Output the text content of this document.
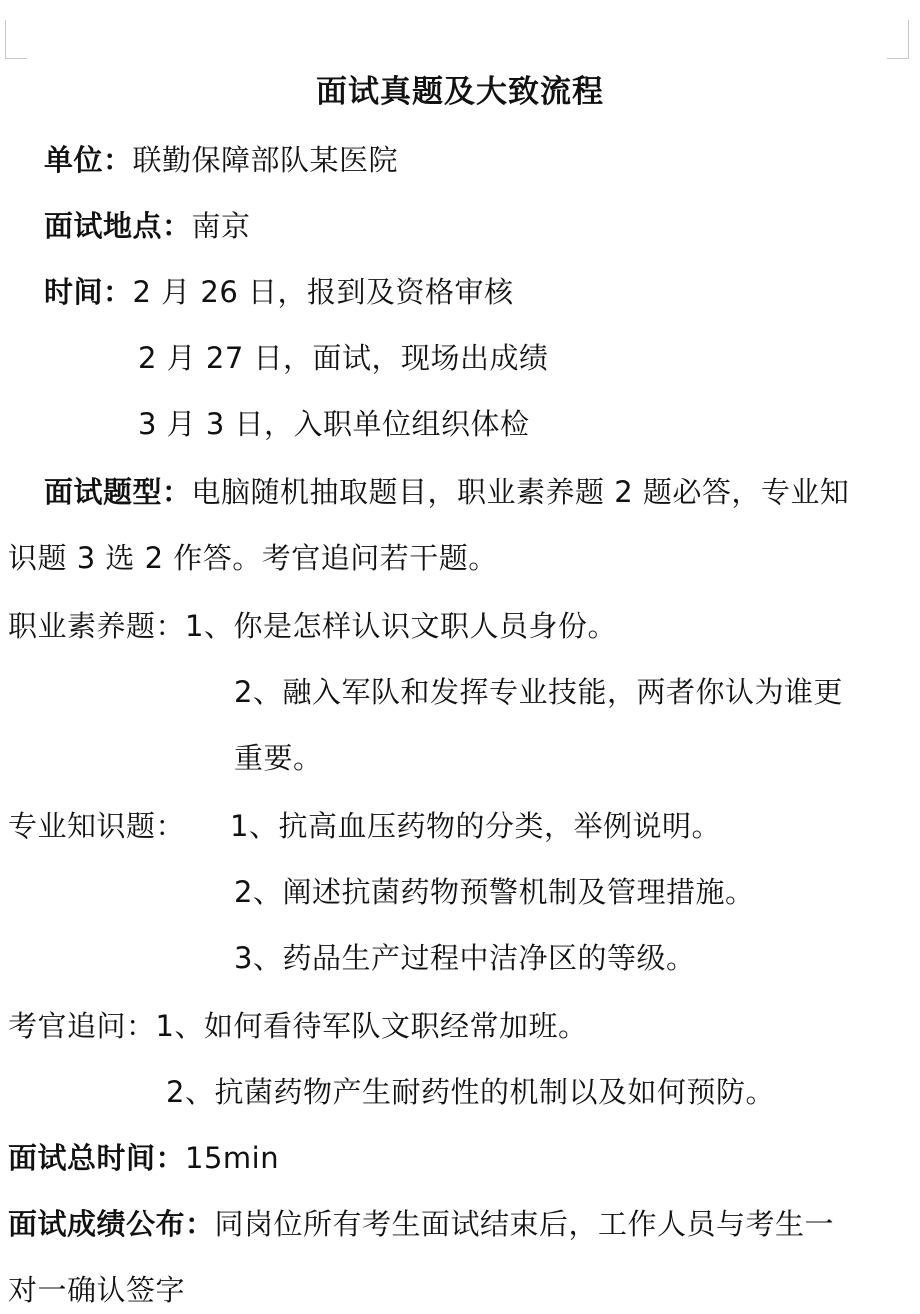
面试真题及大致流程
单位：联勤保障部队某医院
面试地点：南京
时间：2 月 26 日，报到及资格审核
2 月 27 日，面试，现场出成绩
3 月 3 日，入职单位组织体检
面试题型：电脑随机抽取题目，职业素养题 2 题必答，专业知
识题 3 选 2 作答。考官追问若干题。
职业素养题：1、你是怎样认识文职人员身份。
2、融入军队和发挥专业技能，两者你认为谁更
重要。
专业知识题： 1、抗高血压药物的分类，举例说明。
2、阐述抗菌药物预警机制及管理措施。
3、药品生产过程中洁净区的等级。
考官追问：1、如何看待军队文职经常加班。
2、抗菌药物产生耐药性的机制以及如何预防。
面试总时间：15min
面试成绩公布：同岗位所有考生面试结束后，工作人员与考生一
对一确认签字
